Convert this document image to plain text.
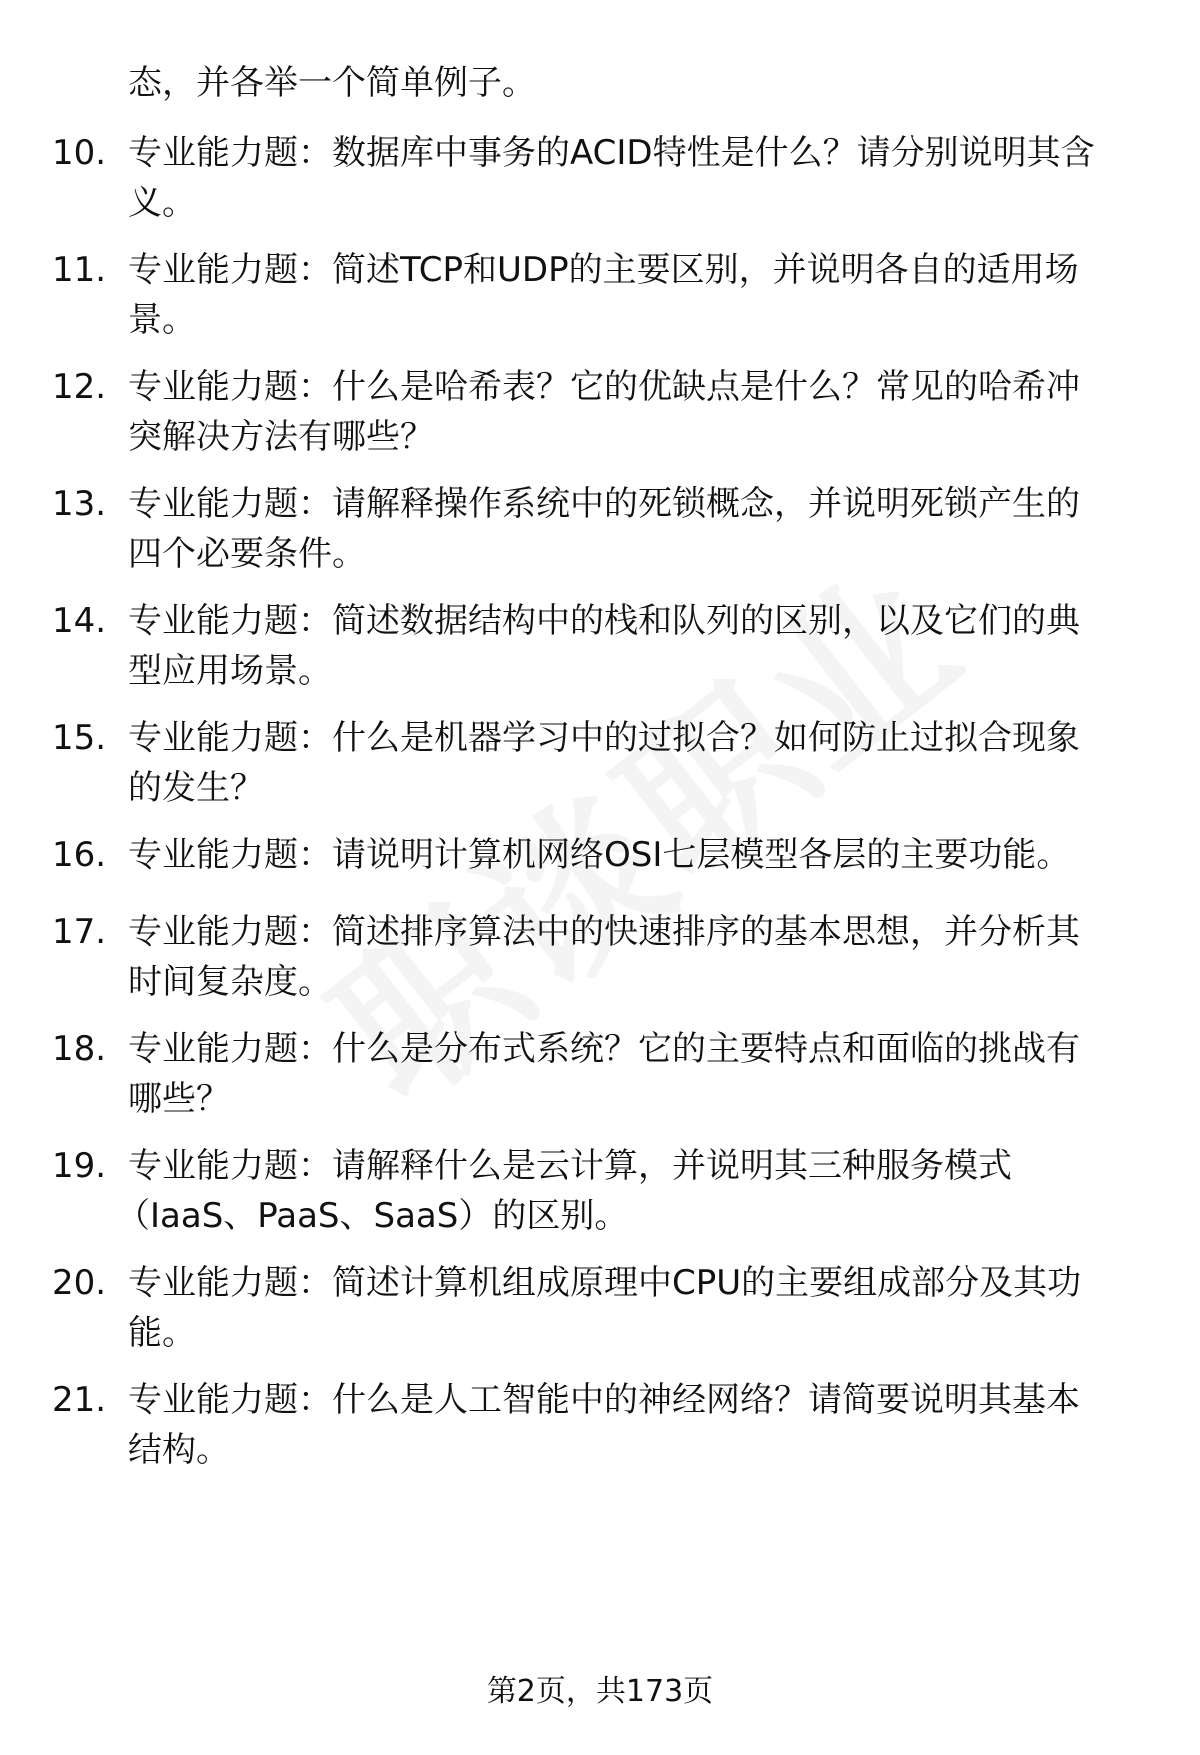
态，并各举一个简单例子。
10. 专业能力题：数据库中事务的ACID特性是什么？请分别说明其含
义。
11. 专业能力题：简述TCP和UDP的主要区别，并说明各自的适用场
景。
12. 专业能力题：什么是哈希表？它的优缺点是什么？常见的哈希冲
突解决方法有哪些？
13. 专业能力题：请解释操作系统中的死锁概念，并说明死锁产生的
四个必要条件。
14. 专业能力题：简述数据结构中的栈和队列的区别，以及它们的典
型应用场景。
15. 专业能力题：什么是机器学习中的过拟合？如何防止过拟合现象
的发生？
16. 专业能力题：请说明计算机网络OSI七层模型各层的主要功能。
17. 专业能力题：简述排序算法中的快速排序的基本思想，并分析其
时间复杂度。
18. 专业能力题：什么是分布式系统？它的主要特点和面临的挑战有
哪些？
19. 专业能力题：请解释什么是云计算，并说明其三种服务模式
（IaaS、PaaS、SaaS）的区别。
20. 专业能力题：简述计算机组成原理中CPU的主要组成部分及其功
能。
21. 专业能力题：什么是人工智能中的神经网络？请简要说明其基本
结构。
第2页，共173页
